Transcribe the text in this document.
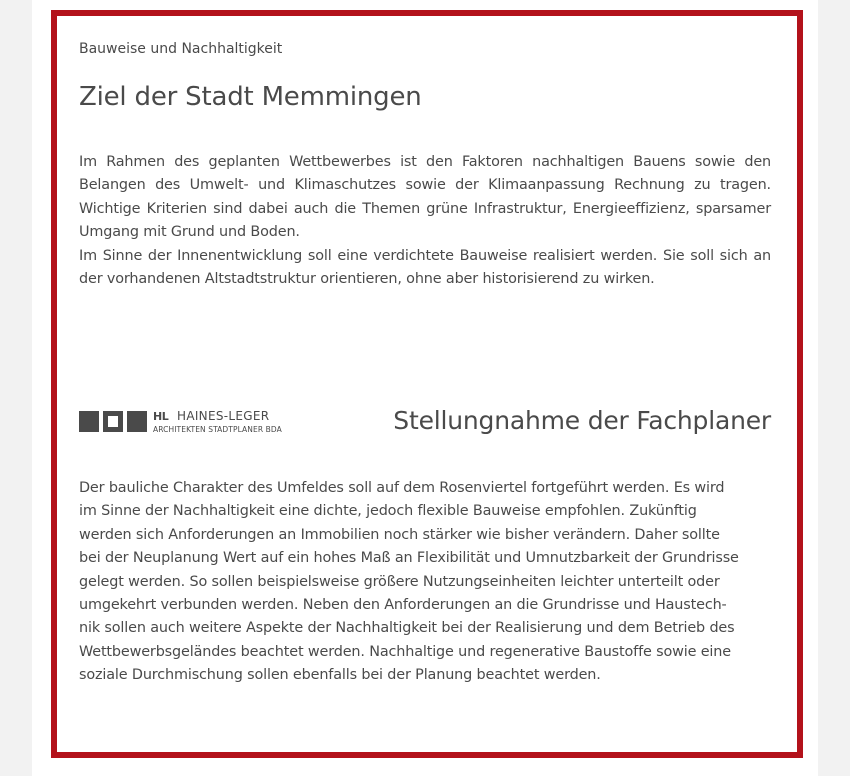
Bauweise und Nachhaltigkeit
Ziel der Stadt Memmingen

Im Rahmen des geplanten Wettbewerbes ist den Faktoren nachhaltigen Bauens sowie den Belangen des Umwelt- und Klimaschutzes sowie der Klimaanpassung Rechnung zu tragen. Wichtige Kriterien sind dabei auch die Themen grüne Infrastruktur, Energieeffizienz, sparsamer Umgang mit Grund und Boden.

Im Sinne der Innenentwicklung soll eine verdichtete Bauweise realisiert werden. Sie soll sich an der vorhandenen Altstadtstruktur orientieren, ohne aber historisierend zu wirken.

HL HAINES-LEGER
ARCHITEKTEN STADTPLANER BDA	Stellungnahme der Fachplaner
Der bauliche Charakter des Umfeldes soll auf dem Rosenviertel fortgeführt werden. Es wird
im Sinne der Nachhaltigkeit eine dichte, jedoch flexible Bauweise empfohlen. Zukünftig
werden sich Anforderungen an Immobilien noch stärker wie bisher verändern. Daher sollte
bei der Neuplanung Wert auf ein hohes Maß an Flexibilität und Umnutzbarkeit der Grundrisse
gelegt werden. So sollen beispielsweise größere Nutzungseinheiten leichter unterteilt oder
umgekehrt verbunden werden. Neben den Anforderungen an die Grundrisse und Haustech-
nik sollen auch weitere Aspekte der Nachhaltigkeit bei der Realisierung und dem Betrieb des
Wettbewerbsgeländes beachtet werden. Nachhaltige und regenerative Baustoffe sowie eine
soziale Durchmischung sollen ebenfalls bei der Planung beachtet werden.
